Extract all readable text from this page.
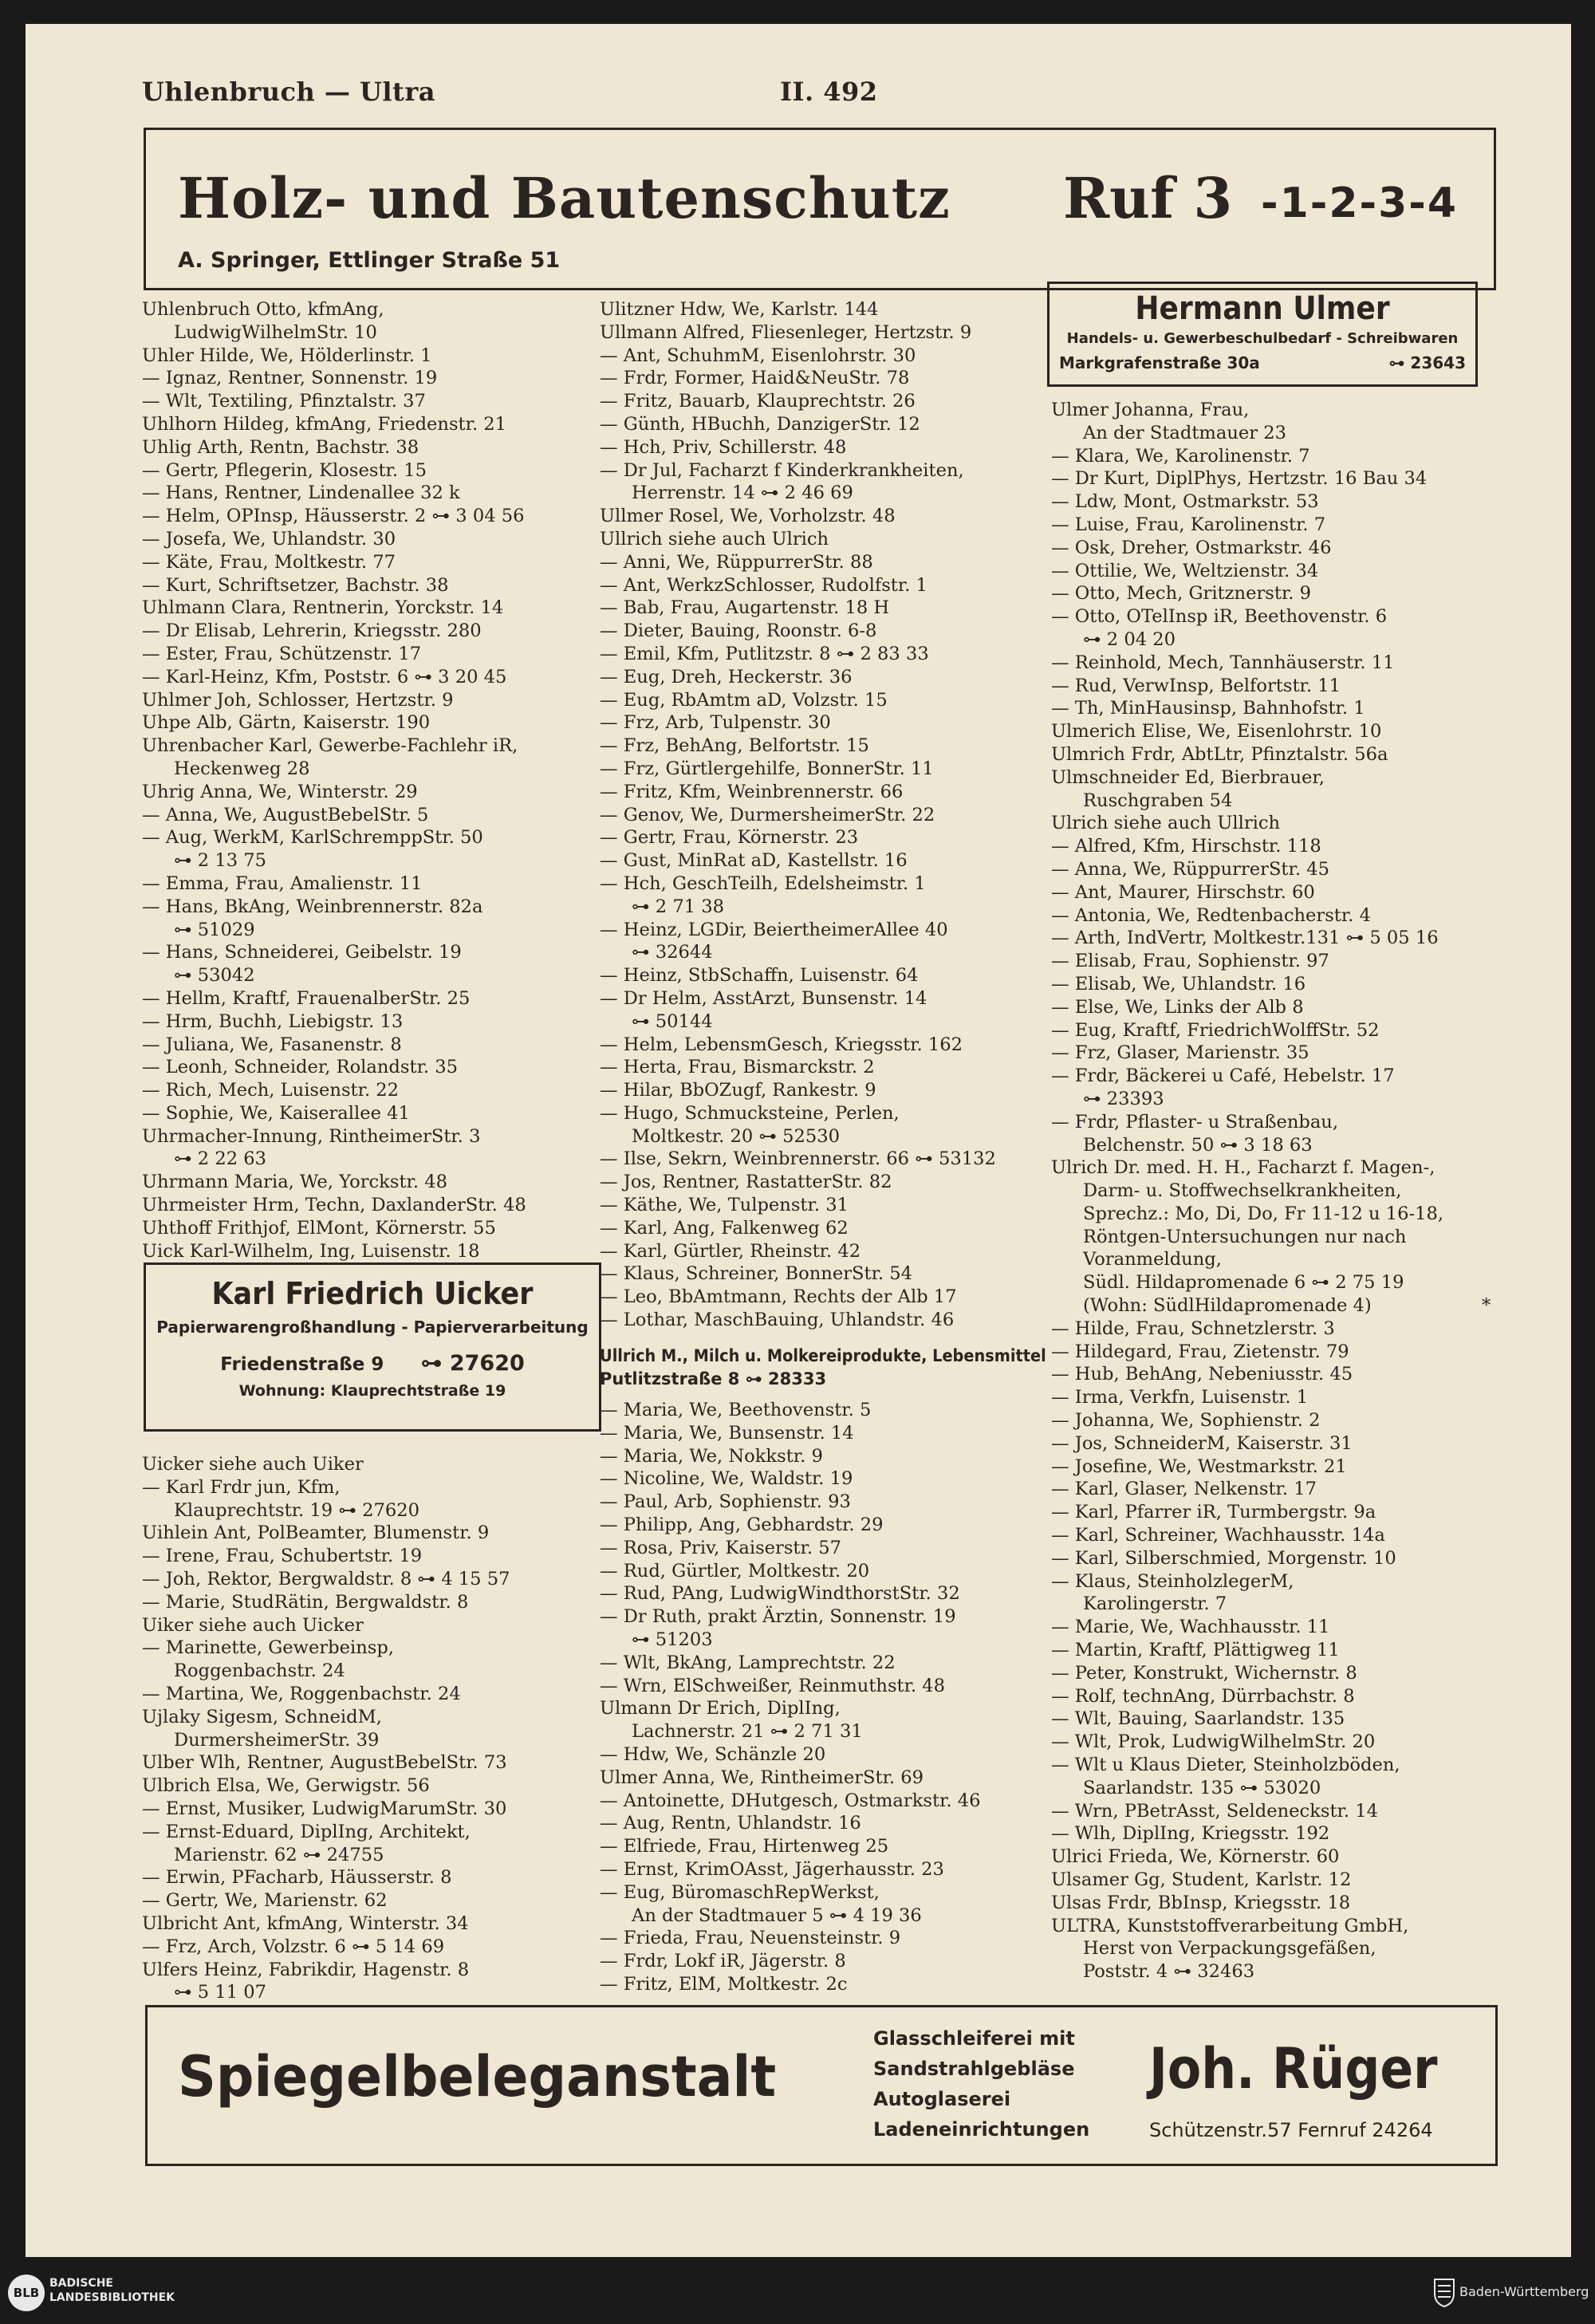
Uhlenbruch — Ultra	II. 492
Holz- und Bautenschutz Ruf 3 -1-2-3-4
A. Springer, Ettlinger Straße 51
Uhlenbruch Otto, kfmAng,
LudwigWilhelmStr. 10
Uhler Hilde, We, Hölderlinstr. 1
— Ignaz, Rentner, Sonnenstr. 19
— Wlt, Textiling, Pfinztalstr. 37
Uhlhorn Hildeg, kfmAng, Friedenstr. 21
Uhlig Arth, Rentn, Bachstr. 38
— Gertr, Pflegerin, Klosestr. 15
— Hans, Rentner, Lindenallee 32 k
— Helm, OPInsp, Häusserstr. 2 ⊶ 3 04 56
— Josefa, We, Uhlandstr. 30
— Käte, Frau, Moltkestr. 77
— Kurt, Schriftsetzer, Bachstr. 38
Uhlmann Clara, Rentnerin, Yorckstr. 14
— Dr Elisab, Lehrerin, Kriegsstr. 280
— Ester, Frau, Schützenstr. 17
— Karl-Heinz, Kfm, Poststr. 6 ⊶ 3 20 45
Uhlmer Joh, Schlosser, Hertzstr. 9
Uhpe Alb, Gärtn, Kaiserstr. 190
Uhrenbacher Karl, Gewerbe-Fachlehr iR,
Heckenweg 28
Uhrig Anna, We, Winterstr. 29
— Anna, We, AugustBebelStr. 5
— Aug, WerkM, KarlSchremppStr. 50
⊶ 2 13 75
— Emma, Frau, Amalienstr. 11
— Hans, BkAng, Weinbrennerstr. 82a
⊶ 51029
— Hans, Schneiderei, Geibelstr. 19
⊶ 53042
— Hellm, Kraftf, FrauenalberStr. 25
— Hrm, Buchh, Liebigstr. 13
— Juliana, We, Fasanenstr. 8
— Leonh, Schneider, Rolandstr. 35
— Rich, Mech, Luisenstr. 22
— Sophie, We, Kaiserallee 41
Uhrmacher-Innung, RintheimerStr. 3
⊶ 2 22 63
Uhrmann Maria, We, Yorckstr. 48
Uhrmeister Hrm, Techn, DaxlanderStr. 48
Uhthoff Frithjof, ElMont, Körnerstr. 55
Uick Karl-Wilhelm, Ing, Luisenstr. 18
Karl Friedrich Uicker
Papierwarengroßhandlung - Papierverarbeitung
Friedenstraße 9 ⊶ 27620
Wohnung: Klauprechtstraße 19
Uicker siehe auch Uiker
— Karl Frdr jun, Kfm,
Klauprechtstr. 19 ⊶ 27620
Uihlein Ant, PolBeamter, Blumenstr. 9
— Irene, Frau, Schubertstr. 19
— Joh, Rektor, Bergwaldstr. 8 ⊶ 4 15 57
— Marie, StudRätin, Bergwaldstr. 8
Uiker siehe auch Uicker
— Marinette, Gewerbeinsp,
Roggenbachstr. 24
— Martina, We, Roggenbachstr. 24
Ujlaky Sigesm, SchneidM,
DurmersheimerStr. 39
Ulber Wlh, Rentner, AugustBebelStr. 73
Ulbrich Elsa, We, Gerwigstr. 56
— Ernst, Musiker, LudwigMarumStr. 30
— Ernst-Eduard, DiplIng, Architekt,
Marienstr. 62 ⊶ 24755
— Erwin, PFacharb, Häusserstr. 8
— Gertr, We, Marienstr. 62
Ulbricht Ant, kfmAng, Winterstr. 34
— Frz, Arch, Volzstr. 6 ⊶ 5 14 69
Ulfers Heinz, Fabrikdir, Hagenstr. 8
⊶ 5 11 07
Ulitzner Hdw, We, Karlstr. 144
Ullmann Alfred, Fliesenleger, Hertzstr. 9
— Ant, SchuhmM, Eisenlohrstr. 30
— Frdr, Former, Haid&NeuStr. 78
— Fritz, Bauarb, Klauprechtstr. 26
— Günth, HBuchh, DanzigerStr. 12
— Hch, Priv, Schillerstr. 48
— Dr Jul, Facharzt f Kinderkrankheiten,
Herrenstr. 14 ⊶ 2 46 69
Ullmer Rosel, We, Vorholzstr. 48
Ullrich siehe auch Ulrich
— Anni, We, RüppurrerStr. 88
— Ant, WerkzSchlosser, Rudolfstr. 1
— Bab, Frau, Augartenstr. 18 H
— Dieter, Bauing, Roonstr. 6-8
— Emil, Kfm, Putlitzstr. 8 ⊶ 2 83 33
— Eug, Dreh, Heckerstr. 36
— Eug, RbAmtm aD, Volzstr. 15
— Frz, Arb, Tulpenstr. 30
— Frz, BehAng, Belfortstr. 15
— Frz, Gürtlergehilfe, BonnerStr. 11
— Fritz, Kfm, Weinbrennerstr. 66
— Genov, We, DurmersheimerStr. 22
— Gertr, Frau, Körnerstr. 23
— Gust, MinRat aD, Kastellstr. 16
— Hch, GeschTeilh, Edelsheimstr. 1
⊶ 2 71 38
— Heinz, LGDir, BeiertheimerAllee 40
⊶ 32644
— Heinz, StbSchaffn, Luisenstr. 64
— Dr Helm, AsstArzt, Bunsenstr. 14
⊶ 50144
— Helm, LebensmGesch, Kriegsstr. 162
— Herta, Frau, Bismarckstr. 2
— Hilar, BbOZugf, Rankestr. 9
— Hugo, Schmucksteine, Perlen,
Moltkestr. 20 ⊶ 52530
— Ilse, Sekrn, Weinbrennerstr. 66 ⊶ 53132
— Jos, Rentner, RastatterStr. 82
— Käthe, We, Tulpenstr. 31
— Karl, Ang, Falkenweg 62
— Karl, Gürtler, Rheinstr. 42
— Klaus, Schreiner, BonnerStr. 54
— Leo, BbAmtmann, Rechts der Alb 17
— Lothar, MaschBauing, Uhlandstr. 46
Ullrich M., Milch u. Molkereiprodukte, Lebensmittel
Putlitzstraße 8 ⊶ 28333
— Maria, We, Beethovenstr. 5
— Maria, We, Bunsenstr. 14
— Maria, We, Nokkstr. 9
— Nicoline, We, Waldstr. 19
— Paul, Arb, Sophienstr. 93
— Philipp, Ang, Gebhardstr. 29
— Rosa, Priv, Kaiserstr. 57
— Rud, Gürtler, Moltkestr. 20
— Rud, PAng, LudwigWindthorstStr. 32
— Dr Ruth, prakt Ärztin, Sonnenstr. 19
⊶ 51203
— Wlt, BkAng, Lamprechtstr. 22
— Wrn, ElSchweißer, Reinmuthstr. 48
Ulmann Dr Erich, DiplIng,
Lachnerstr. 21 ⊶ 2 71 31
— Hdw, We, Schänzle 20
Ulmer Anna, We, RintheimerStr. 69
— Antoinette, DHutgesch, Ostmarkstr. 46
— Aug, Rentn, Uhlandstr. 16
— Elfriede, Frau, Hirtenweg 25
— Ernst, KrimOAsst, Jägerhausstr. 23
— Eug, BüromaschRepWerkst,
An der Stadtmauer 5 ⊶ 4 19 36
— Frieda, Frau, Neuensteinstr. 9
— Frdr, Lokf iR, Jägerstr. 8
— Fritz, ElM, Moltkestr. 2c
Hermann Ulmer
Handels- u. Gewerbeschulbedarf - Schreibwaren
Markgrafenstraße 30a	⊶ 23643
Ulmer Johanna, Frau,
An der Stadtmauer 23
— Klara, We, Karolinenstr. 7
— Dr Kurt, DiplPhys, Hertzstr. 16 Bau 34
— Ldw, Mont, Ostmarkstr. 53
— Luise, Frau, Karolinenstr. 7
— Osk, Dreher, Ostmarkstr. 46
— Ottilie, We, Weltzienstr. 34
— Otto, Mech, Gritznerstr. 9
— Otto, OTelInsp iR, Beethovenstr. 6
⊶ 2 04 20
— Reinhold, Mech, Tannhäuserstr. 11
— Rud, VerwInsp, Belfortstr. 11
— Th, MinHausinsp, Bahnhofstr. 1
Ulmerich Elise, We, Eisenlohrstr. 10
Ulmrich Frdr, AbtLtr, Pfinztalstr. 56a
Ulmschneider Ed, Bierbrauer,
Ruschgraben 54
Ulrich siehe auch Ullrich
— Alfred, Kfm, Hirschstr. 118
— Anna, We, RüppurrerStr. 45
— Ant, Maurer, Hirschstr. 60
— Antonia, We, Redtenbacherstr. 4
— Arth, IndVertr, Moltkestr.131 ⊶ 5 05 16
— Elisab, Frau, Sophienstr. 97
— Elisab, We, Uhlandstr. 16
— Else, We, Links der Alb 8
— Eug, Kraftf, FriedrichWolffStr. 52
— Frz, Glaser, Marienstr. 35
— Frdr, Bäckerei u Café, Hebelstr. 17
⊶ 23393
— Frdr, Pflaster- u Straßenbau,
Belchenstr. 50 ⊶ 3 18 63
Ulrich Dr. med. H. H., Facharzt f. Magen-,
Darm- u. Stoffwechselkrankheiten,
Sprechz.: Mo, Di, Do, Fr 11-12 u 16-18,
Röntgen-Untersuchungen nur nach
Voranmeldung,
Südl. Hildapromenade 6 ⊶ 2 75 19
(Wohn: SüdlHildapromenade 4)	*
— Hilde, Frau, Schnetzlerstr. 3
— Hildegard, Frau, Zietenstr. 79
— Hub, BehAng, Nebeniusstr. 45
— Irma, Verkfn, Luisenstr. 1
— Johanna, We, Sophienstr. 2
— Jos, SchneiderM, Kaiserstr. 31
— Josefine, We, Westmarkstr. 21
— Karl, Glaser, Nelkenstr. 17
— Karl, Pfarrer iR, Turmbergstr. 9a
— Karl, Schreiner, Wachhausstr. 14a
— Karl, Silberschmied, Morgenstr. 10
— Klaus, SteinholzlegerM,
Karolingerstr. 7
— Marie, We, Wachhausstr. 11
— Martin, Kraftf, Plättigweg 11
— Peter, Konstrukt, Wichernstr. 8
— Rolf, technAng, Dürrbachstr. 8
— Wlt, Bauing, Saarlandstr. 135
— Wlt, Prok, LudwigWilhelmStr. 20
— Wlt u Klaus Dieter, Steinholzböden,
Saarlandstr. 135 ⊶ 53020
— Wrn, PBetrAsst, Seldeneckstr. 14
— Wlh, DiplIng, Kriegsstr. 192
Ulrici Frieda, We, Körnerstr. 60
Ulsamer Gg, Student, Karlstr. 12
Ulsas Frdr, BbInsp, Kriegsstr. 18
ULTRA, Kunststoffverarbeitung GmbH,
Herst von Verpackungsgefäßen,
Poststr. 4 ⊶ 32463
Spiegelbeleganstalt
Glasschleiferei mit
Sandstrahlgebläse
Autoglaserei
Ladeneinrichtungen
Joh. Rüger
Schützenstr.57 Fernruf 24264
BLB
BADISCHE
LANDESBIBLIOTHEK	Baden-Württemberg
